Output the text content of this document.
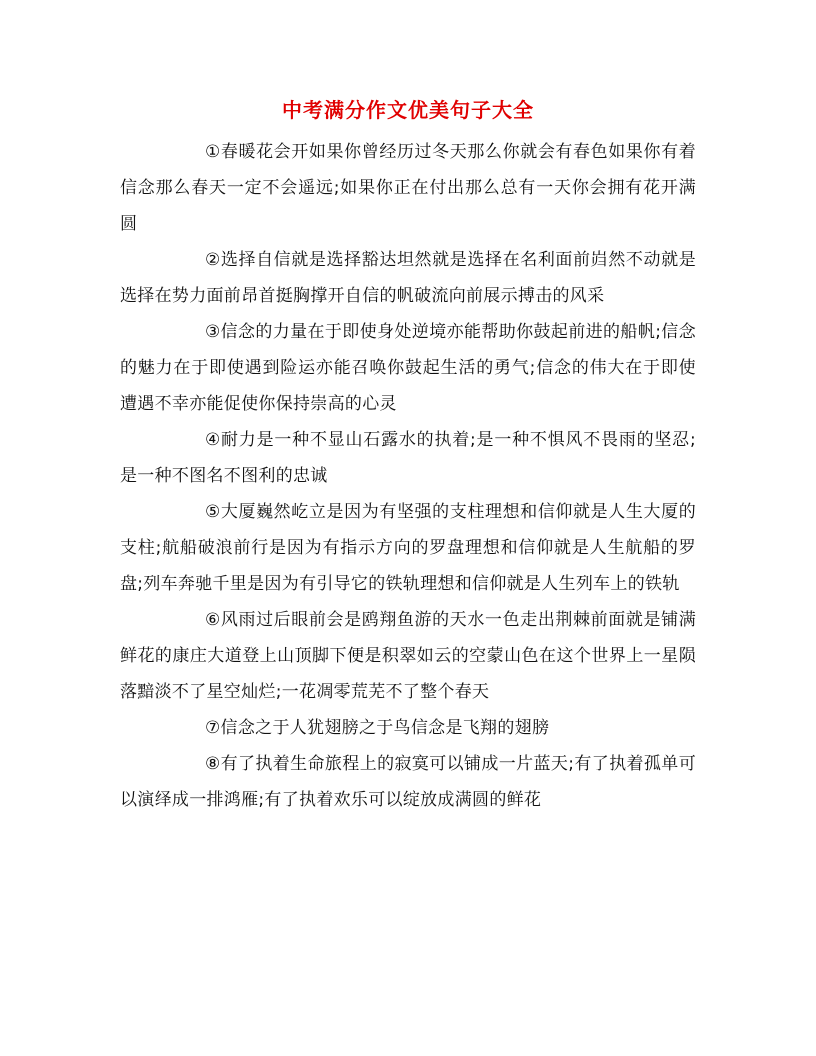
中考满分作文优美句子大全

①春暖花会开如果你曾经历过冬天那么你就会有春色如果你有着信念那么春天一定不会遥远;如果你正在付出那么总有一天你会拥有花开满圆

②选择自信就是选择豁达坦然就是选择在名利面前岿然不动就是选择在势力面前昂首挺胸撑开自信的帆破流向前展示搏击的风采

③信念的力量在于即使身处逆境亦能帮助你鼓起前进的船帆;信念的魅力在于即使遇到险运亦能召唤你鼓起生活的勇气;信念的伟大在于即使遭遇不幸亦能促使你保持崇高的心灵

④耐力是一种不显山石露水的执着;是一种不惧风不畏雨的坚忍;是一种不图名不图利的忠诚

⑤大厦巍然屹立是因为有坚强的支柱理想和信仰就是人生大厦的支柱;航船破浪前行是因为有指示方向的罗盘理想和信仰就是人生航船的罗盘;列车奔驰千里是因为有引导它的铁轨理想和信仰就是人生列车上的铁轨

⑥风雨过后眼前会是鸥翔鱼游的天水一色走出荆棘前面就是铺满鲜花的康庄大道登上山顶脚下便是积翠如云的空蒙山色在这个世界上一星陨落黯淡不了星空灿烂;一花凋零荒芜不了整个春天

⑦信念之于人犹翅膀之于鸟信念是飞翔的翅膀

⑧有了执着生命旅程上的寂寞可以铺成一片蓝天;有了执着孤单可以演绎成一排鸿雁;有了执着欢乐可以绽放成满圆的鲜花
